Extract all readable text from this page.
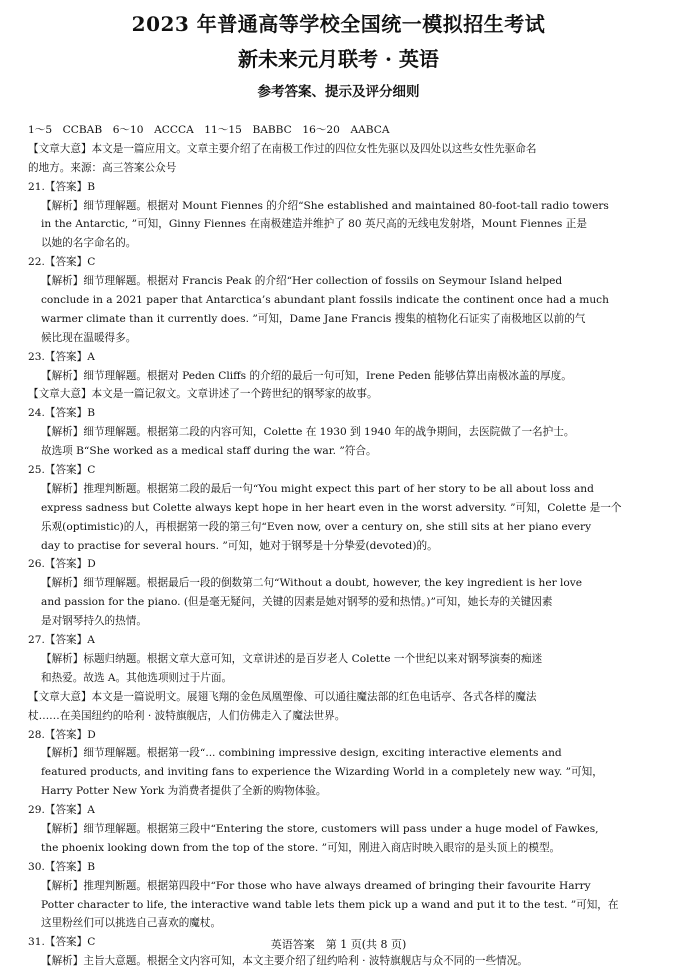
2023 年普通高等学校全国统一模拟招生考试
新未来元月联考 · 英语
参考答案、提示及评分细则
1～5　CCBAB　6～10　ACCCA　11～15　BABBC　16～20　AABCA
【文章大意】本文是一篇应用文。文章主要介绍了在南极工作过的四位女性先驱以及四处以这些女性先驱命名
的地方。来源：高三答案公众号
21.【答案】B
【解析】细节理解题。根据对 Mount Fiennes 的介绍“She established and maintained 80-foot-tall radio towers
in the Antarctic, ”可知，Ginny Fiennes 在南极建造并维护了 80 英尺高的无线电发射塔，Mount Fiennes 正是
以她的名字命名的。
22.【答案】C
【解析】细节理解题。根据对 Francis Peak 的介绍“Her collection of fossils on Seymour Island helped
conclude in a 2021 paper that Antarctica’s abundant plant fossils indicate the continent once had a much
warmer climate than it currently does. ”可知，Dame Jane Francis 搜集的植物化石证实了南极地区以前的气
候比现在温暖得多。
23.【答案】A
【解析】细节理解题。根据对 Peden Cliffs 的介绍的最后一句可知，Irene Peden 能够估算出南极冰盖的厚度。
【文章大意】本文是一篇记叙文。文章讲述了一个跨世纪的钢琴家的故事。
24.【答案】B
【解析】细节理解题。根据第二段的内容可知，Colette 在 1930 到 1940 年的战争期间，去医院做了一名护士。
故选项 B“She worked as a medical staff during the war. ”符合。
25.【答案】C
【解析】推理判断题。根据第二段的最后一句“You might expect this part of her story to be all about loss and
express sadness but Colette always kept hope in her heart even in the worst adversity. ”可知，Colette 是一个
乐观(optimistic)的人，再根据第一段的第三句“Even now, over a century on, she still sits at her piano every
day to practise for several hours. ”可知，她对于钢琴是十分挚爱(devoted)的。
26.【答案】D
【解析】细节理解题。根据最后一段的倒数第二句“Without a doubt, however, the key ingredient is her love
and passion for the piano. (但是毫无疑问，关键的因素是她对钢琴的爱和热情。)”可知，她长寿的关键因素
是对钢琴持久的热情。
27.【答案】A
【解析】标题归纳题。根据文章大意可知，文章讲述的是百岁老人 Colette 一个世纪以来对钢琴演奏的痴迷
和热爱。故选 A。其他选项则过于片面。
【文章大意】本文是一篇说明文。展翅飞翔的金色凤凰塑像、可以通往魔法部的红色电话亭、各式各样的魔法
杖……在美国纽约的哈利 · 波特旗舰店，人们仿佛走入了魔法世界。
28.【答案】D
【解析】细节理解题。根据第一段“... combining impressive design, exciting interactive elements and
featured products, and inviting fans to experience the Wizarding World in a completely new way. ”可知，
Harry Potter New York 为消费者提供了全新的购物体验。
29.【答案】A
【解析】细节理解题。根据第三段中“Entering the store, customers will pass under a huge model of Fawkes,
the phoenix looking down from the top of the store. ”可知，刚进入商店时映入眼帘的是头顶上的模型。
30.【答案】B
【解析】推理判断题。根据第四段中“For those who have always dreamed of bringing their favourite Harry
Potter character to life, the interactive wand table lets them pick up a wand and put it to the test. ”可知，在
这里粉丝们可以挑选自己喜欢的魔杖。
31.【答案】C
【解析】主旨大意题。根据全文内容可知，本文主要介绍了纽约哈利 · 波特旗舰店与众不同的一些情况。
英语答案　第 1 页(共 8 页)
